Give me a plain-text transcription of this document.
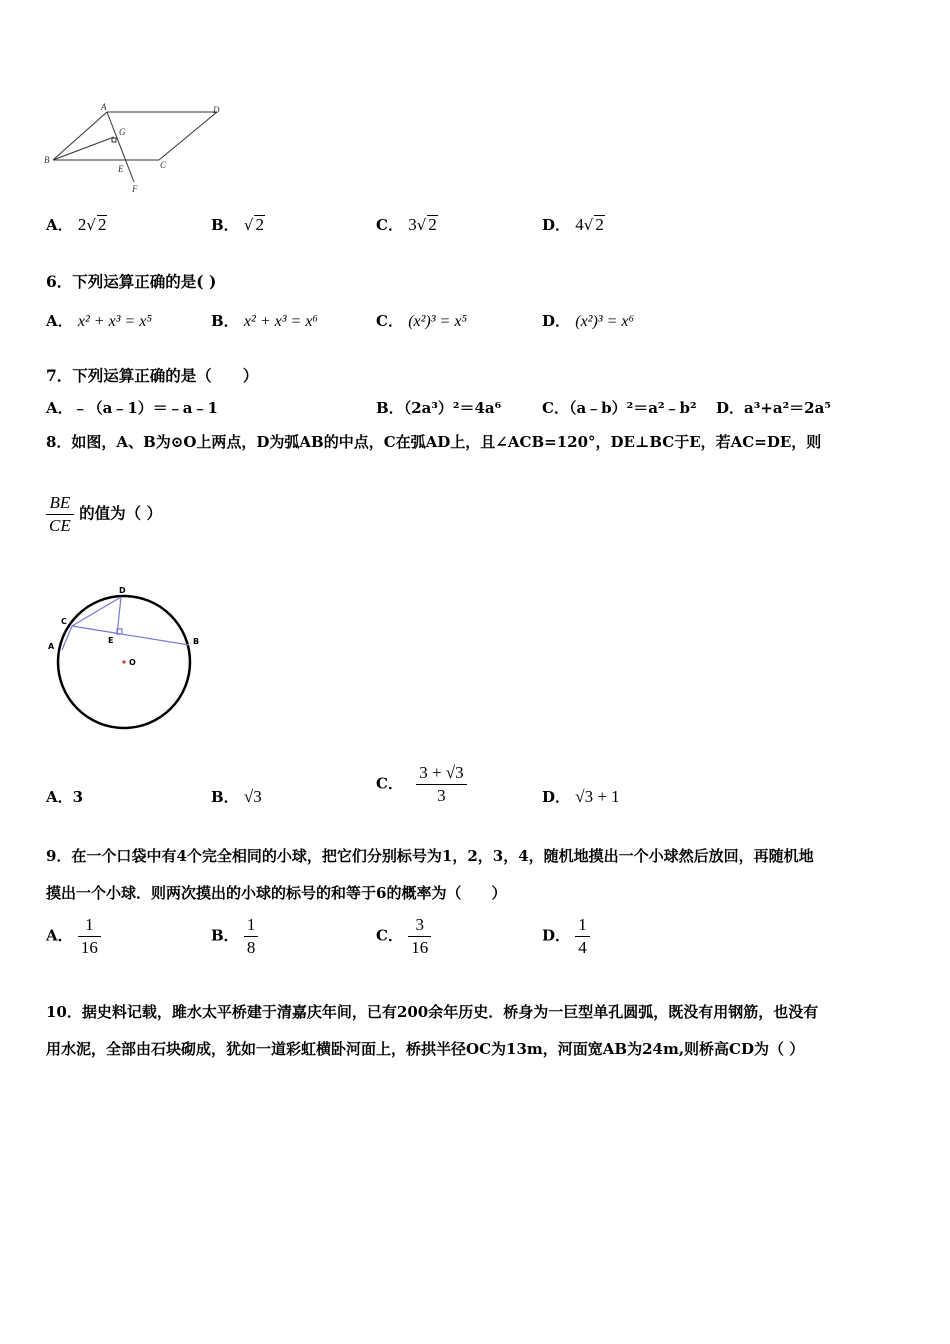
A	D
G
B
E	C
F
A． 2√ 2	B． √ 2	C． 3√ 2	D． 4√ 2
6．下列运算正确的是( )
A． x² + x³ = x⁵	B． x² + x³ = x⁶	C． (x²)³ = x⁵	D． (x²)³ = x⁶
7．下列运算正确的是（　　）
A．﹣（a﹣1）＝﹣a﹣1	B．（2a³）²＝4a⁶	C．（a﹣b）²＝a²﹣b² D．a³+a²＝2a⁵
8．如图，A、B为⊙O上两点，D为弧AB的中点，C在弧AD上，且∠ACB=120°，DE⊥BC于E，若AC=DE，则
$\frac{BE}{CE}$ 的值为（ ）
D
C
A
E	B
O
A．3	B． √3
C． $\frac{3 + √3}{3}$	D． √3 + 1
9．在一个口袋中有4个完全相同的小球，把它们分别标号为1，2，3，4，随机地摸出一个小球然后放回，再随机地
摸出一个小球．则两次摸出的小球的标号的和等于6的概率为（　　）
A． $\frac{1}{16}$	B． $\frac{1}{8}$	C． $\frac{3}{16}$	D． $\frac{1}{4}$
10．据史料记载，雎水太平桥建于清嘉庆年间，已有200余年历史．桥身为一巨型单孔圆弧，既没有用钢筋，也没有
用水泥，全部由石块砌成，犹如一道彩虹横卧河面上，桥拱半径OC为13m，河面宽AB为24m,则桥高CD为（ ）
